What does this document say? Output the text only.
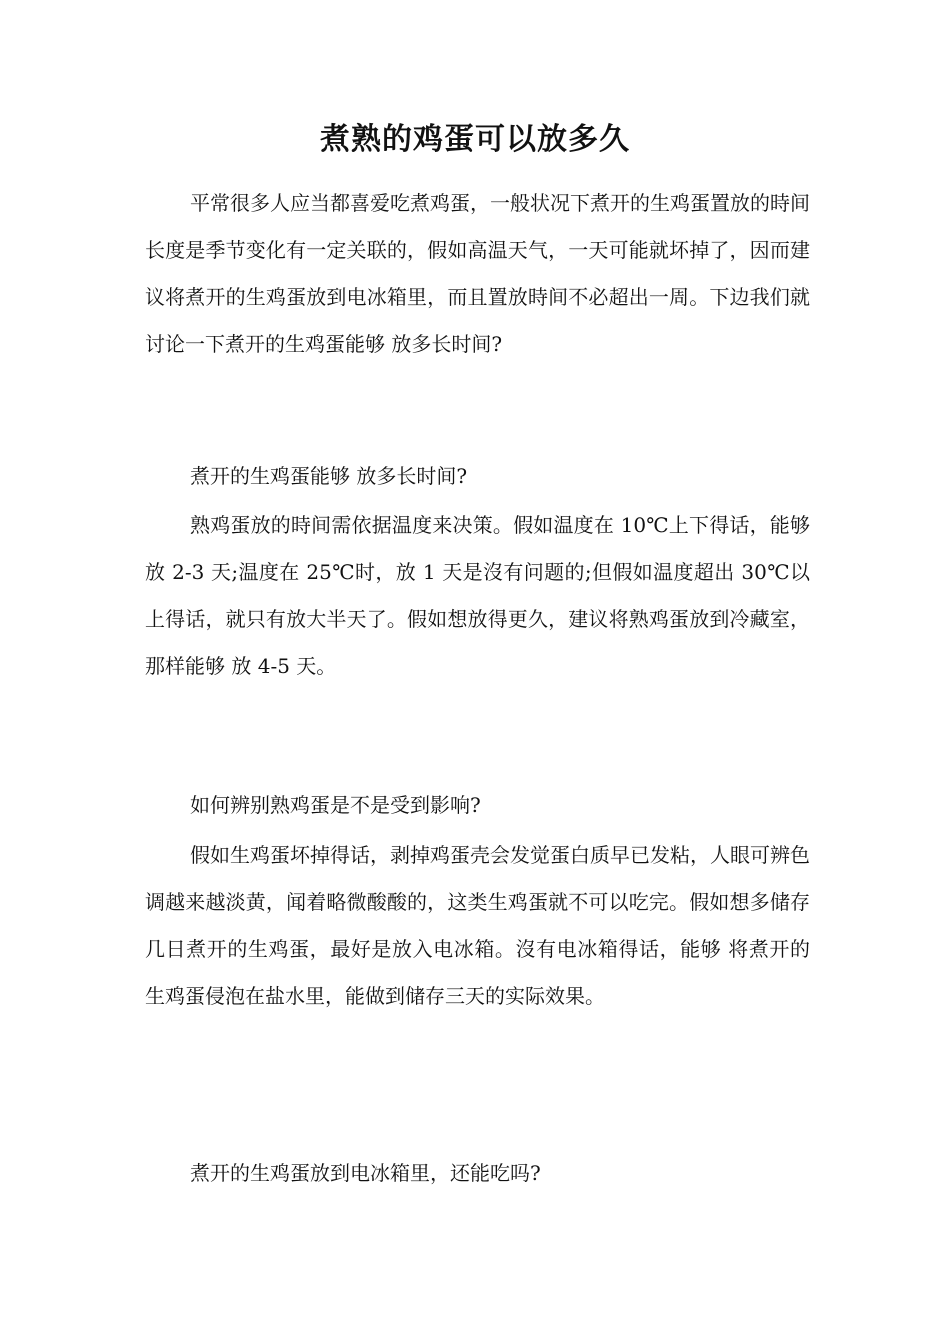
煮熟的鸡蛋可以放多久

平常很多人应当都喜爱吃煮鸡蛋，一般状况下煮开的生鸡蛋置放的時间长度是季节变化有一定关联的，假如高温天气，一天可能就坏掉了，因而建议将煮开的生鸡蛋放到电冰箱里，而且置放時间不必超出一周。下边我们就讨论一下煮开的生鸡蛋能够 放多长时间?

煮开的生鸡蛋能够 放多长时间?

熟鸡蛋放的時间需依据温度来决策。假如温度在 10℃上下得话，能够 放 2-3 天;温度在 25℃时，放 1 天是沒有问题的;但假如温度超出 30℃以上得话，就只有放大半天了。假如想放得更久，建议将熟鸡蛋放到冷藏室，那样能够 放 4-5 天。

如何辨别熟鸡蛋是不是受到影响?

假如生鸡蛋坏掉得话，剥掉鸡蛋壳会发觉蛋白质早已发粘，人眼可辨色调越来越淡黄，闻着略微酸酸的，这类生鸡蛋就不可以吃完。假如想多储存几日煮开的生鸡蛋，最好是放入电冰箱。沒有电冰箱得话，能够 将煮开的生鸡蛋侵泡在盐水里，能做到储存三天的实际效果。

煮开的生鸡蛋放到电冰箱里，还能吃吗?
